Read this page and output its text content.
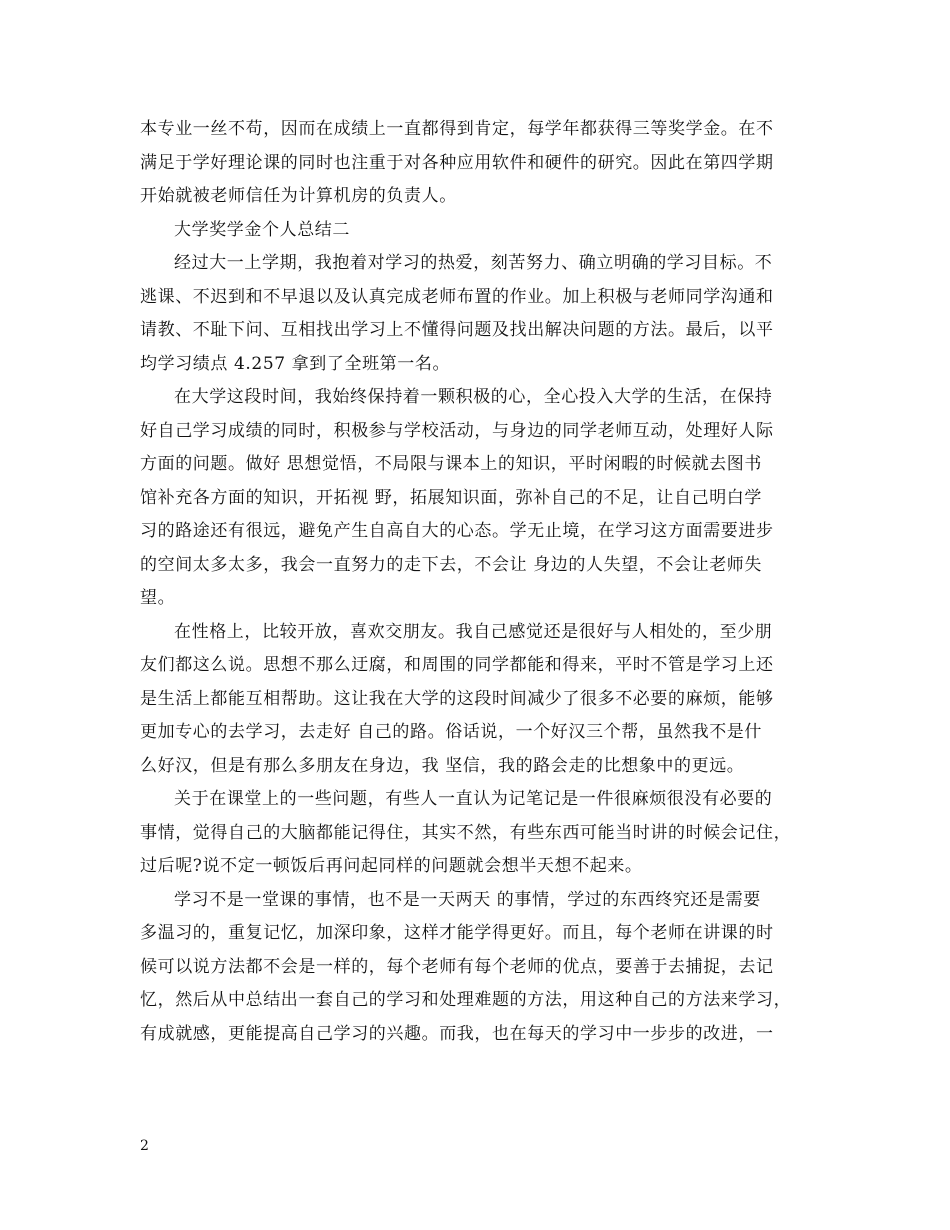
本专业一丝不苟，因而在成绩上一直都得到肯定，每学年都获得三等奖学金。在不
满足于学好理论课的同时也注重于对各种应用软件和硬件的研究。因此在第四学期
开始就被老师信任为计算机房的负责人。
大学奖学金个人总结二
经过大一上学期，我抱着对学习的热爱，刻苦努力、确立明确的学习目标。不
逃课、不迟到和不早退以及认真完成老师布置的作业。加上积极与老师同学沟通和
请教、不耻下问、互相找出学习上不懂得问题及找出解决问题的方法。最后，以平
均学习绩点 4.257 拿到了全班第一名。
在大学这段时间，我始终保持着一颗积极的心，全心投入大学的生活，在保持
好自己学习成绩的同时，积极参与学校活动，与身边的同学老师互动，处理好人际
方面的问题。做好 思想觉悟，不局限与课本上的知识，平时闲暇的时候就去图书
馆补充各方面的知识，开拓视 野，拓展知识面，弥补自己的不足，让自己明白学
习的路途还有很远，避免产生自高自大的心态。学无止境，在学习这方面需要进步
的空间太多太多，我会一直努力的走下去，不会让 身边的人失望，不会让老师失
望。
在性格上，比较开放，喜欢交朋友。我自己感觉还是很好与人相处的，至少朋
友们都这么说。思想不那么迂腐，和周围的同学都能和得来，平时不管是学习上还
是生活上都能互相帮助。这让我在大学的这段时间减少了很多不必要的麻烦，能够
更加专心的去学习，去走好 自己的路。俗话说，一个好汉三个帮，虽然我不是什
么好汉，但是有那么多朋友在身边，我 坚信，我的路会走的比想象中的更远。
关于在课堂上的一些问题，有些人一直认为记笔记是一件很麻烦很没有必要的
事情，觉得自己的大脑都能记得住，其实不然，有些东西可能当时讲的时候会记住，
过后呢?说不定一顿饭后再问起同样的问题就会想半天想不起来。
学习不是一堂课的事情，也不是一天两天 的事情，学过的东西终究还是需要
多温习的，重复记忆，加深印象，这样才能学得更好。而且，每个老师在讲课的时
候可以说方法都不会是一样的，每个老师有每个老师的优点，要善于去捕捉，去记
忆，然后从中总结出一套自己的学习和处理难题的方法，用这种自己的方法来学习，
有成就感，更能提高自己学习的兴趣。而我，也在每天的学习中一步步的改进，一
2
